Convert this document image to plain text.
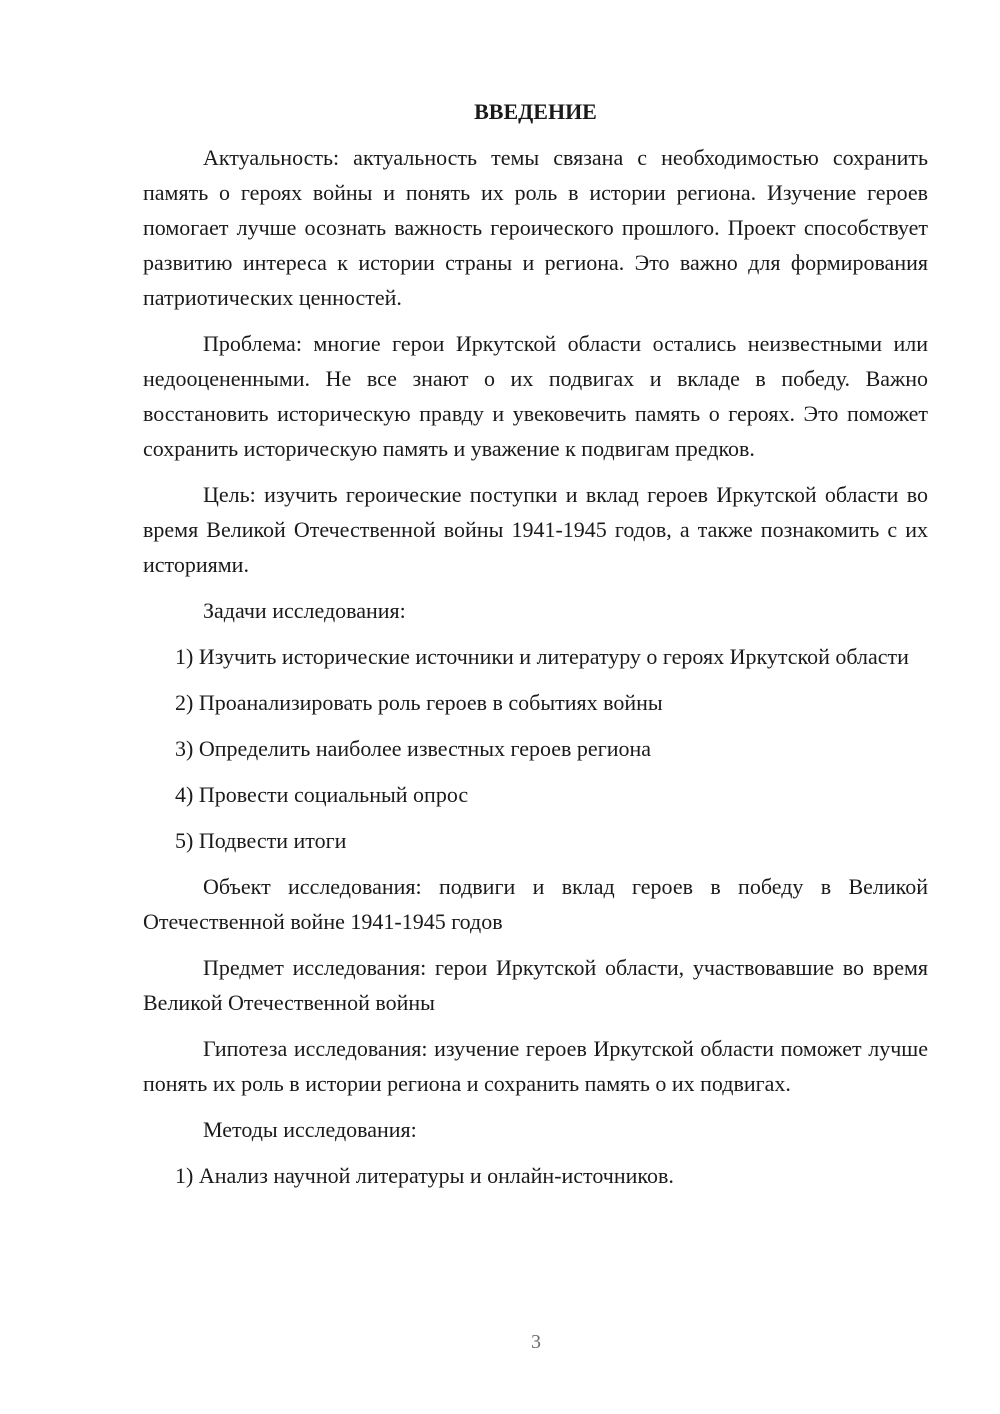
ВВЕДЕНИЕ

Актуальность: актуальность темы связана с необходимостью сохранить память о героях войны и понять их роль в истории региона. Изучение героев помогает лучше осознать важность героического прошлого. Проект способствует развитию интереса к истории страны и региона. Это важно для формирования патриотических ценностей.

Проблема: многие герои Иркутской области остались неизвестными или недооцененными. Не все знают о их подвигах и вкладе в победу. Важно восстановить историческую правду и увековечить память о героях. Это поможет сохранить историческую память и уважение к подвигам предков.

Цель: изучить героические поступки и вклад героев Иркутской области во время Великой Отечественной войны 1941-1945 годов, а также познакомить с их историями.

Задачи исследования:

1) Изучить исторические источники и литературу о героях Иркутской области

2) Проанализировать роль героев в событиях войны

3) Определить наиболее известных героев региона

4) Провести социальный опрос

5) Подвести итоги

Объект исследования: подвиги и вклад героев в победу в Великой Отечественной войне 1941-1945 годов

Предмет исследования: герои Иркутской области, участвовавшие во время Великой Отечественной войны

Гипотеза исследования: изучение героев Иркутской области поможет лучше понять их роль в истории региона и сохранить память о их подвигах.

Методы исследования:

1) Анализ научной литературы и онлайн-источников.

3
